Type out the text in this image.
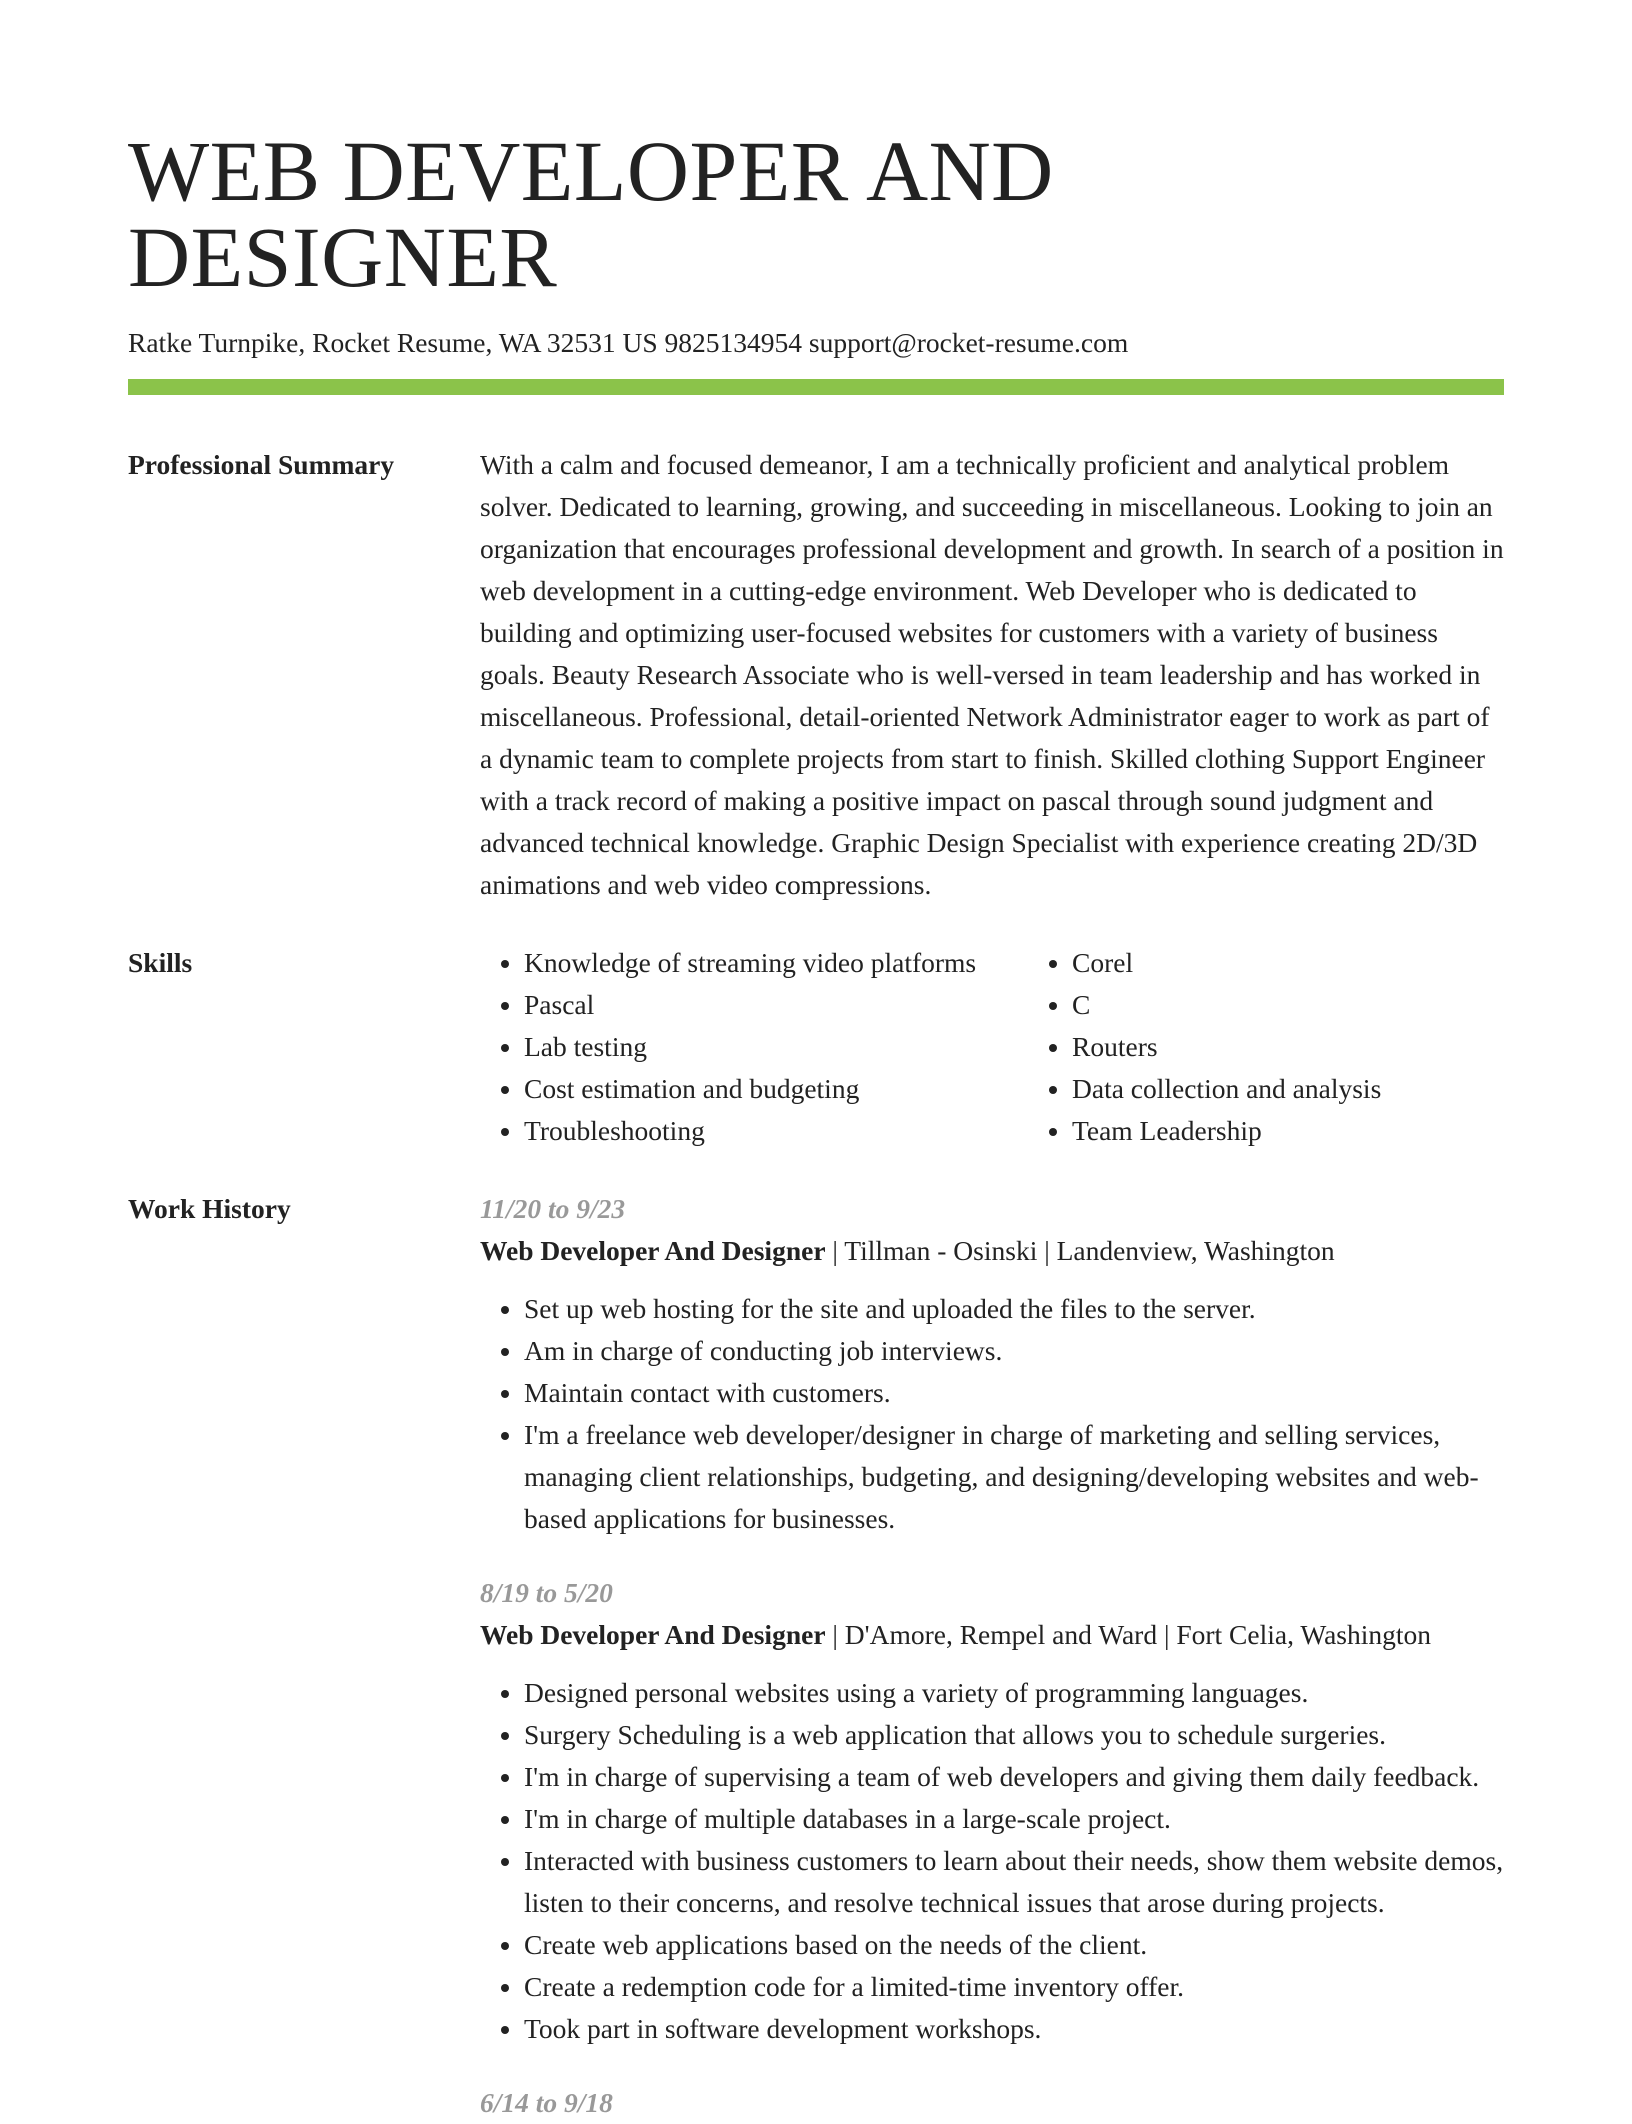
WEB DEVELOPER AND DESIGNER
Ratke Turnpike, Rocket Resume, WA 32531 US 9825134954 support@rocket-resume.com
Professional Summary	With a calm and focused demeanor, I am a technically proficient and analytical problem solver. Dedicated to learning, growing, and succeeding in miscellaneous. Looking to join an organization that encourages professional development and growth. In search of a position in web development in a cutting-edge environment. Web Developer who is dedicated to building and optimizing user-focused websites for customers with a variety of business goals. Beauty Research Associate who is well-versed in team leadership and has worked in miscellaneous. Professional, detail-oriented Network Administrator eager to work as part of a dynamic team to complete projects from start to finish. Skilled clothing Support Engineer with a track record of making a positive impact on pascal through sound judgment and advanced technical knowledge. Graphic Design Specialist with experience creating 2D/3D animations and web video compressions.
Skills
•	Knowledge of streaming video platforms
• Pascal
• Lab testing
• Cost estimation and budgeting
• Troubleshooting
• Corel
• C
• Routers
• Data collection and analysis
• Team Leadership
Work History	11/20 to 9/23
Web Developer And Designer | Tillman - Osinski | Landenview, Washington
• Set up web hosting for the site and uploaded the files to the server.
• Am in charge of conducting job interviews.
• Maintain contact with customers.
• I'm a freelance web developer/designer in charge of marketing and selling services, managing client relationships, budgeting, and designing/developing websites and web-based applications for businesses.
8/19 to 5/20
Web Developer And Designer | D'Amore, Rempel and Ward | Fort Celia, Washington
• Designed personal websites using a variety of programming languages.
• Surgery Scheduling is a web application that allows you to schedule surgeries.
• I'm in charge of supervising a team of web developers and giving them daily feedback.
• I'm in charge of multiple databases in a large-scale project.
• Interacted with business customers to learn about their needs, show them website demos, listen to their concerns, and resolve technical issues that arose during projects.
• Create web applications based on the needs of the client.
• Create a redemption code for a limited-time inventory offer.
• Took part in software development workshops.
6/14 to 9/18
